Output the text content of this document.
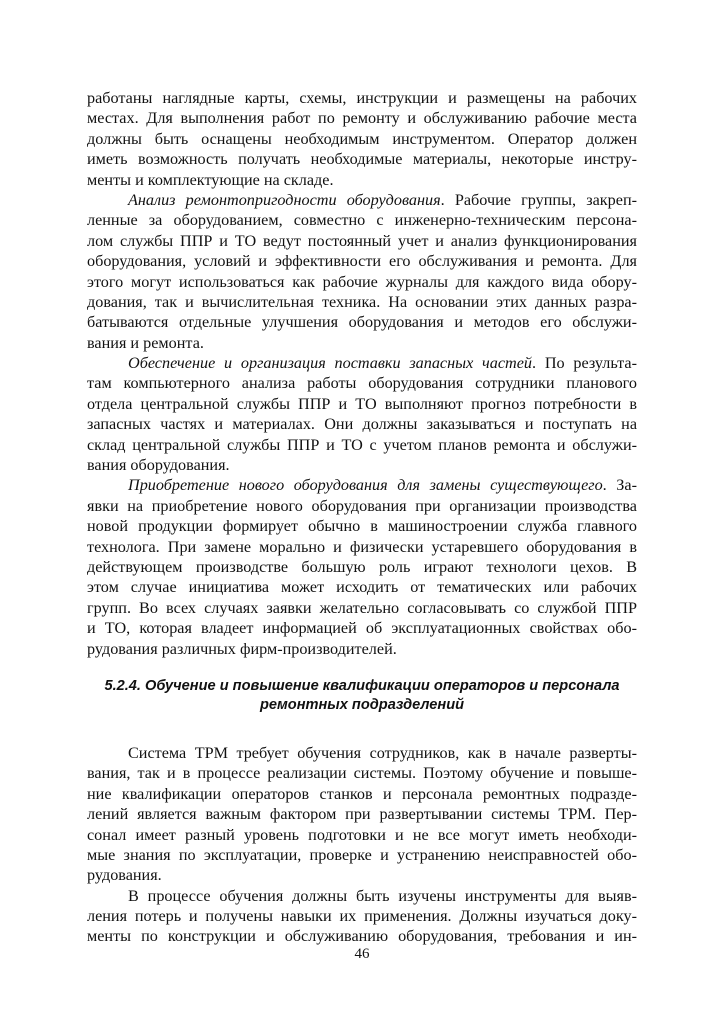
работаны наглядные карты, схемы, инструкции и размещены на рабочих
местах. Для выполнения работ по ремонту и обслуживанию рабочие места
должны быть оснащены необходимым инструментом. Оператор должен
иметь возможность получать необходимые материалы, некоторые инстру-
менты и комплектующие на складе.
Анализ ремонтопригодности оборудования. Рабочие группы, закреп-
ленные за оборудованием, совместно с инженерно-техническим персона-
лом службы ППР и ТО ведут постоянный учет и анализ функционирования
оборудования, условий и эффективности его обслуживания и ремонта. Для
этого могут использоваться как рабочие журналы для каждого вида обору-
дования, так и вычислительная техника. На основании этих данных разра-
батываются отдельные улучшения оборудования и методов его обслужи-
вания и ремонта.
Обеспечение и организация поставки запасных частей. По результа-
там компьютерного анализа работы оборудования сотрудники планового
отдела центральной службы ППР и ТО выполняют прогноз потребности в
запасных частях и материалах. Они должны заказываться и поступать на
склад центральной службы ППР и ТО с учетом планов ремонта и обслужи-
вания оборудования.
Приобретение нового оборудования для замены существующего. За-
явки на приобретение нового оборудования при организации производства
новой продукции формирует обычно в машиностроении служба главного
технолога. При замене морально и физически устаревшего оборудования в
действующем производстве большую роль играют технологи цехов. В
этом случае инициатива может исходить от тематических или рабочих
групп. Во всех случаях заявки желательно согласовывать со службой ППР
и ТО, которая владеет информацией об эксплуатационных свойствах обо-
рудования различных фирм-производителей.
5.2.4. Обучение и повышение квалификации операторов и персонала
ремонтных подразделений
Система ТРМ требует обучения сотрудников, как в начале разверты-
вания, так и в процессе реализации системы. Поэтому обучение и повыше-
ние квалификации операторов станков и персонала ремонтных подразде-
лений является важным фактором при развертывании системы ТРМ. Пер-
сонал имеет разный уровень подготовки и не все могут иметь необходи-
мые знания по эксплуатации, проверке и устранению неисправностей обо-
рудования.
В процессе обучения должны быть изучены инструменты для выяв-
ления потерь и получены навыки их применения. Должны изучаться доку-
менты по конструкции и обслуживанию оборудования, требования и ин-
46
